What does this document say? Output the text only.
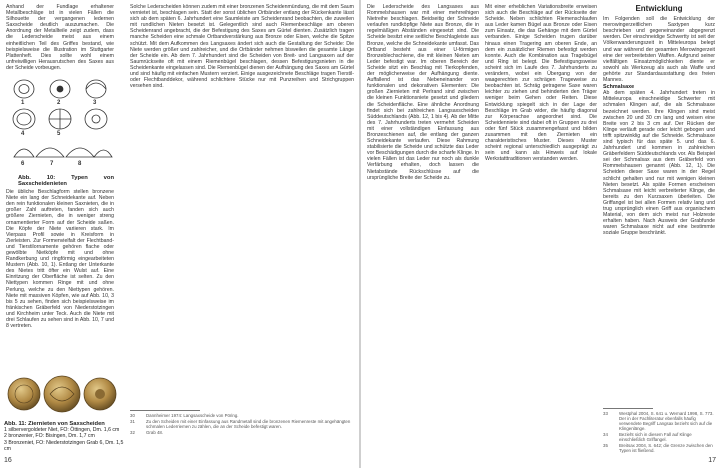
Anhand der Fundlage erhaltener Metallbeschläge ist in vielen Fällen die Silhouette der vergangenen ledernen Saxscheide deutlich auszumachen. Die Anordnung der Metallteile zeigt zudem, dass die Lederscheide meist aus einem einheitlichen Teil des Griffes bestand, wie beispielsweise die Illustration im Stuttgarter Plattenheft. Dies sollte wohl einem unfreiwilligen Herausrutschen des Saxes aus der Scheide vorbeugen.

1	2	3
4	5
6	7	8
Abb. 10: Typen von Saxscheidenieten

Die übliche Beschlagform stellen bronzene Niete ein lang der Schneidekante auf. Neben den rein funktionalen kleinen Saxnieten, die in großer Zahl auftreten, fanden sich auch größere Ziernieten, die in weniger streng ornamentierter Form auf der Scheide saßen. Die Köpfe der Niete variieren stark. Im Vierpass Profil sowie in Kreisform in Zierleisten. Zur Formenvielfalt der Flechtband- und Tierstilornamente gehören flache oder gewölbte Nietköpfe mit und ohne Randkerbung und ringförmig eingearbeiteten Mustern (Abb. 10, 1). Entlang der Unterkante des Nietes tritt öfter ein Wulst auf. Eine Einritzung der Oberfläche ist selten. Zu den Niettypen kommen Ringe mit und ohne Perlung, welche zu den Niettypen gehören. Niete mit massiven Köpfen, wie auf Abb. 10, 3 bis 5 zu sehen, finden sich beispielsweise im fränkischen Gräberfeld von Niederstotzingen und Kirchheim unter Teck. Auch die Niete mit drei Schlaufen zu sehen sind in Abb. 10, 7 und 8 vertreten.

Abb. 11: Ziernieten von Saxscheiden
1 silbervergoldeter Niet, FO: Öttingen, Dm. 1,6 cm
2 bronzenier, FO: Bisingen, Dm. 1,7 cm
3 Bronzeniet, FO: Niederstotzingen Grab 6, Dm. 1,5 cm

Solche Lederscheiden können zudem mit einer bronzenen Scheidenmündung, die mit dem Saum vernietet ist, beschlagen sein. Statt der sonst üblichen Ortbänder entlang der Rückenkante lässt sich ab dem späten 6. Jahrhundert eine Saumleiste am Scheidenrand beobachten, die zuweilen mit rundlichen Nieten besetzt ist. Gelegentlich sind auch Riemenbeschläge am oberen Scheidenrand angebracht, die der Befestigung des Saxes am Gürtel dienten. Zusätzlich tragen manche Scheiden eine schmale Ortbandverstärkung aus Bronze oder Eisen, welche die Spitze schützt. Mit dem Aufkommen des Langsaxes ändert sich auch die Gestaltung der Scheide: Die Niete werden größer und zahlreicher, und die Ortbänder nehmen bisweilen die gesamte Länge der Scheide ein. Ab dem 7. Jahrhundert sind die Scheiden von Breit- und Langsaxen auf der Saumrückseite oft mit einem Riemenbügel beschlagen, dessen Befestigungsnieten in die Scheidenkante eingelassen sind. Die Riemenbügel dienen der Aufhängung des Saxes am Gürtel und sind häufig mit einfachen Mustern verziert. Einige ausgezeichnete Beschläge tragen Tierstil- oder Flechtbanddekor, während schlichtere Stücke nur mit Punzreihen und Strichgruppen versehen sind.

30	Dannheimer 1974: Langsaxscheide von Pöring.
31	Zu den Scheiden mit einer Einfassung aus Randmetall sind die bronzenen Riemenreste mit angehängten schmalen Lederriemen zu zählen, die an der Scheide befestigt waren.
32	Grab 48.
16

Die Lederscheide des Langsaxes aus Rommelshausen war mit einer mehrreihigen Nietreihe beschlagen. Beidseitig der Schneide verlaufen rundköpfige Niete aus Bronze, die in regelmäßigen Abständen eingesetzt sind. Die Scheide besitzt eine seitliche Beschlagleiste aus Bronze, welche die Schneidekante umfasst. Das Ortband besteht aus einer U-förmigen Bronzeblechschiene, die mit kleinen Nieten am Leder befestigt war. Im oberen Bereich der Scheide sitzt ein Beschlag mit Tierkopfenden, der möglicherweise der Aufhängung diente. Auffallend ist das Nebeneinander von funktionalen und dekorativen Elementen: Die großen Ziernieten mit Perlrand sind zwischen die kleinen Funktionsniete gesetzt und gliedern die Scheidenfläche. Eine ähnliche Anordnung findet sich bei zahlreichen Langsaxscheiden Süddeutschlands (Abb. 12, 1 bis 4). Ab der Mitte des 7. Jahrhunderts treten vermehrt Scheiden mit einer vollständigen Einfassung aus Bronzeschienen auf, die entlang der ganzen Schneidekante verlaufen. Diese Rahmung stabilisierte die Scheide und schützte das Leder vor Beschädigungen durch die scharfe Klinge. In vielen Fällen ist das Leder nur noch als dunkle Verfärbung erhalten, doch lassen die Nietabstände Rückschlüsse auf die ursprüngliche Breite der Scheide zu.

Mit einer erheblichen Variationsbreite erweisen sich auch die Beschläge auf der Rückseite der Scheide. Neben schlichten Riemenschlaufen aus Leder kamen Bügel aus Bronze oder Eisen zum Einsatz, die das Gehänge mit dem Gürtel verbanden. Einige Scheiden trugen darüber hinaus einen Tragering am oberen Ende, an dem ein zusätzlicher Riemen befestigt werden konnte. Auch die Kombination aus Tragebügel und Ring ist belegt. Die Befestigungsweise scheint sich im Laufe des 7. Jahrhunderts zu verändern, wobei ein Übergang von der waagerechten zur schrägen Trageweise zu beobachten ist. Schräg getragene Saxe waren leichter zu ziehen und behinderten den Träger weniger beim Gehen oder Reiten. Diese Entwicklung spiegelt sich in der Lage der Beschläge im Grab wider, die häufig diagonal zur Körperachse angeordnet sind. Die Scheidenniete sind dabei oft in Gruppen zu drei oder fünf Stück zusammengefasst und bilden zusammen mit den Ziernieten ein charakteristisches Muster. Dieses Muster scheint regional unterschiedlich ausgeprägt zu sein und kann als Hinweis auf lokale Werkstatttraditionen verstanden werden.

Entwicklung

Im Folgenden soll die Entwicklung der merowingerzeitlichen Saxtypen kurz beschrieben und gegeneinander abgegrenzt werden. Der einschneidige Schwertty ist seit der Völkerwanderungszeit in Mitteleuropa belegt und war während der gesamten Merowingerzeit eine der verbreitetsten Waffen. Aufgrund seiner vielfältigen Einsatzmöglichkeiten diente er sowohl als Werkzeug als auch als Waffe und gehörte zur Standardausstattung des freien Mannes.

Schmalsaxe

Ab dem späten 4. Jahrhundert treten in Mitteleuropa einschneidige Schwerter mit schmalen Klingen auf, die als Schmalsaxe bezeichnet werden. Ihre Klingen sind meist zwischen 20 und 30 cm lang und weisen eine Breite von 2 bis 3 cm auf. Der Rücken der Klinge verläuft gerade oder leicht gebogen und trifft spitzwinklig auf die Schneide. Schmalsaxe sind typisch für das späte 5. und das 6. Jahrhundert und kommen in zahlreichen Gräberfeldern Süddeutschlands vor. Als Beispiel sei der Schmalsax aus dem Gräberfeld von Rommelshausen genannt (Abb. 12, 1). Die Scheiden dieser Saxe waren in der Regel schlicht gehalten und nur mit wenigen kleinen Nieten besetzt. Als späte Formen erscheinen Schmalsaxe mit leicht verbreiterter Klinge, die bereits zu den Kurzsaxen überleiten. Die Griffangel ist bei allen Formen relativ lang und trug ursprünglich einen Griff aus organischem Material, von dem sich meist nur Holzreste erhalten haben. Nach Ausweis der Grabfunde waren Schmalsaxe nicht auf eine bestimmte soziale Gruppe beschränkt.

33	Westphal 2004, S. 641 u. Wernard 1998, S. 773. Der in der Fachliteratur ebenfalls häufig verwendete Begriff Langsax bezieht sich auf die Klingenlänge.
34	Bezieht sich in diesem Fall auf Klinge einschließlich Griffangel.
35	Breitsax 2004, S. 642; die Grenze zwischen den Typen ist fließend.
17
